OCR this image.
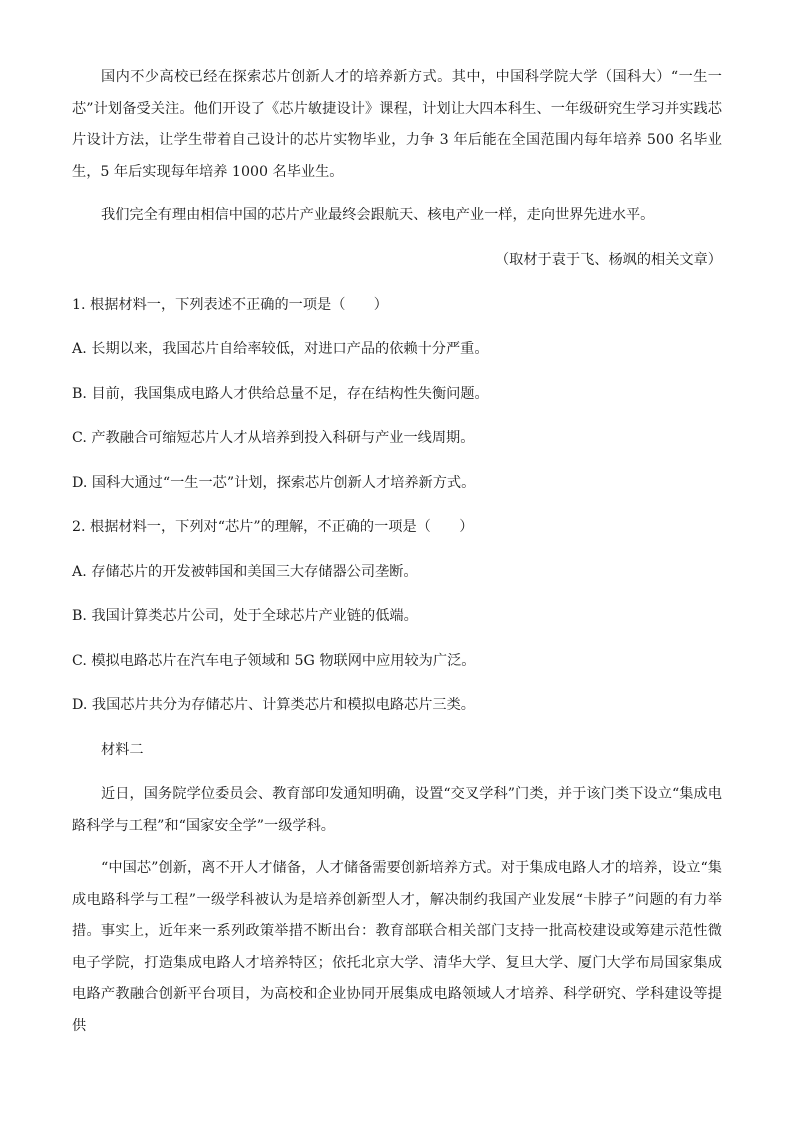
国内不少高校已经在探索芯片创新人才的培养新方式。其中，中国科学院大学（国科大）“一生一芯”计划备受关注。他们开设了《芯片敏捷设计》课程，计划让大四本科生、一年级研究生学习并实践芯片设计方法，让学生带着自己设计的芯片实物毕业，力争 3 年后能在全国范围内每年培养 500 名毕业生，5 年后实现每年培养 1000 名毕业生。

我们完全有理由相信中国的芯片产业最终会跟航天、核电产业一样，走向世界先进水平。

（取材于袁于飞、杨飒的相关文章）

1. 根据材料一，下列表述不正确的一项是（　　）

A. 长期以来，我国芯片自给率较低，对进口产品的依赖十分严重。

B. 目前，我国集成电路人才供给总量不足，存在结构性失衡问题。

C. 产教融合可缩短芯片人才从培养到投入科研与产业一线周期。

D. 国科大通过“一生一芯”计划，探索芯片创新人才培养新方式。

2. 根据材料一，下列对“芯片”的理解，不正确的一项是（　　）

A. 存储芯片的开发被韩国和美国三大存储器公司垄断。

B. 我国计算类芯片公司，处于全球芯片产业链的低端。

C. 模拟电路芯片在汽车电子领域和 5G 物联网中应用较为广泛。

D. 我国芯片共分为存储芯片、计算类芯片和模拟电路芯片三类。

材料二

近日，国务院学位委员会、教育部印发通知明确，设置“交叉学科”门类，并于该门类下设立“集成电路科学与工程”和“国家安全学”一级学科。

“中国芯”创新，离不开人才储备，人才储备需要创新培养方式。对于集成电路人才的培养，设立“集成电路科学与工程”一级学科被认为是培养创新型人才，解决制约我国产业发展“卡脖子”问题的有力举措。事实上，近年来一系列政策举措不断出台：教育部联合相关部门支持一批高校建设或筹建示范性微电子学院，打造集成电路人才培养特区；依托北京大学、清华大学、复旦大学、厦门大学布局国家集成电路产教融合创新平台项目，为高校和企业协同开展集成电路领域人才培养、科学研究、学科建设等提供
